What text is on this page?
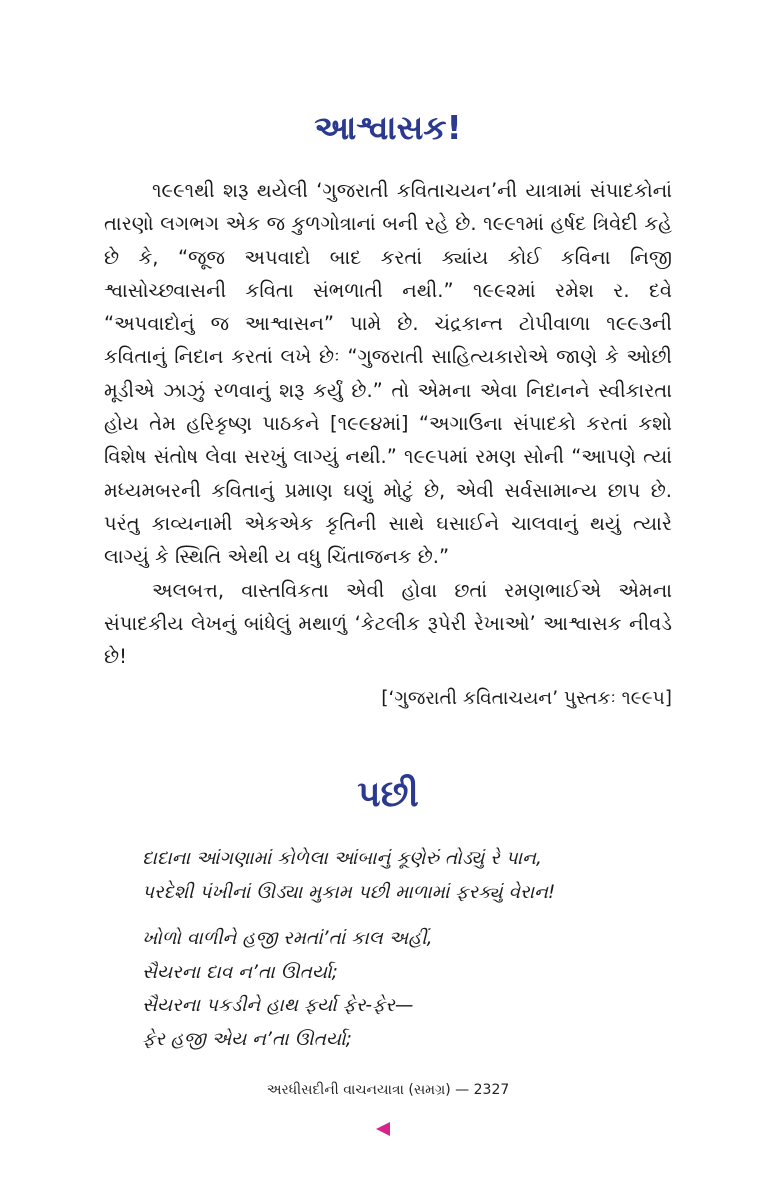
આશ્વાસક!

૧૯૯૧થી શરૂ થયેલી ‘ગુજરાતી કવિતાચયન’ની યાત્રામાં સંપાદકોનાં તારણો લગભગ એક જ કુળગોત્રાનાં બની રહે છે. ૧૯૯૧માં હર્ષદ ત્રિવેદી કહે છે કે, “જૂજ અપવાદો બાદ કરતાં ક્યાંય કોઈ કવિના નિજી શ્વાસોચ્છ્વાસની કવિતા સંભળાતી નથી.” ૧૯૯૨માં રમેશ ર. દવે “અપવાદોનું જ આશ્વાસન” પામે છે. ચંદ્રકાન્ત ટોપીવાળા ૧૯૯૩ની કવિતાનું નિદાન કરતાં લખે છેઃ “ગુજરાતી સાહિત્યકારોએ જાણે કે ઓછી મૂડીએ ઝાઝું રળવાનું શરૂ કર્યું છે.” તો એમના એવા નિદાનને સ્વીકારતા હોય તેમ હરિકૃષ્ણ પાઠકને [૧૯૯૪માં] “અગાઉના સંપાદકો કરતાં કશો વિશેષ સંતોષ લેવા સરખું લાગ્યું નથી.” ૧૯૯૫માં રમણ સોની “આપણે ત્યાં મધ્યમબરની કવિતાનું પ્રમાણ ઘણું મોટું છે, એવી સર્વસામાન્ય છાપ છે. પરંતુ કાવ્યનામી એકએક કૃતિની સાથે ઘસાઈને ચાલવાનું થયું ત્યારે લાગ્યું કે સ્થિતિ એથી ય વધુ ચિંતાજનક છે.”

અલબત્ત, વાસ્તવિકતા એવી હોવા છતાં રમણભાઈએ એમના સંપાદકીય લેખનું બાંધેલું મથાળું ‘કેટલીક રૂપેરી રેખાઓ’ આશ્વાસક નીવડે છે!

[‘ગુજરાતી કવિતાચયન’ પુસ્તકઃ ૧૯૯૫]
પછી
દાદાના આંગણામાં કોળેલા આંબાનું કૂણેરું તોડ્યું રે પાન,
પરદેશી પંખીનાં ઊડ્યા મુકામ પછી માળામાં ફરક્યું વેરાન!
ખોળો વાળીને હજી રમતાં’તાં કાલ અહીં,
સૈયરના દાવ ન’તા ઊતર્યા;
સૈયરના પકડીને હાથ ફર્યા ફેર-ફેર—
ફેર હજી એય ન’તા ઊતર્યા;
અરધીસદીની વાચનયાત્રા (સમગ્ર) — 2327
